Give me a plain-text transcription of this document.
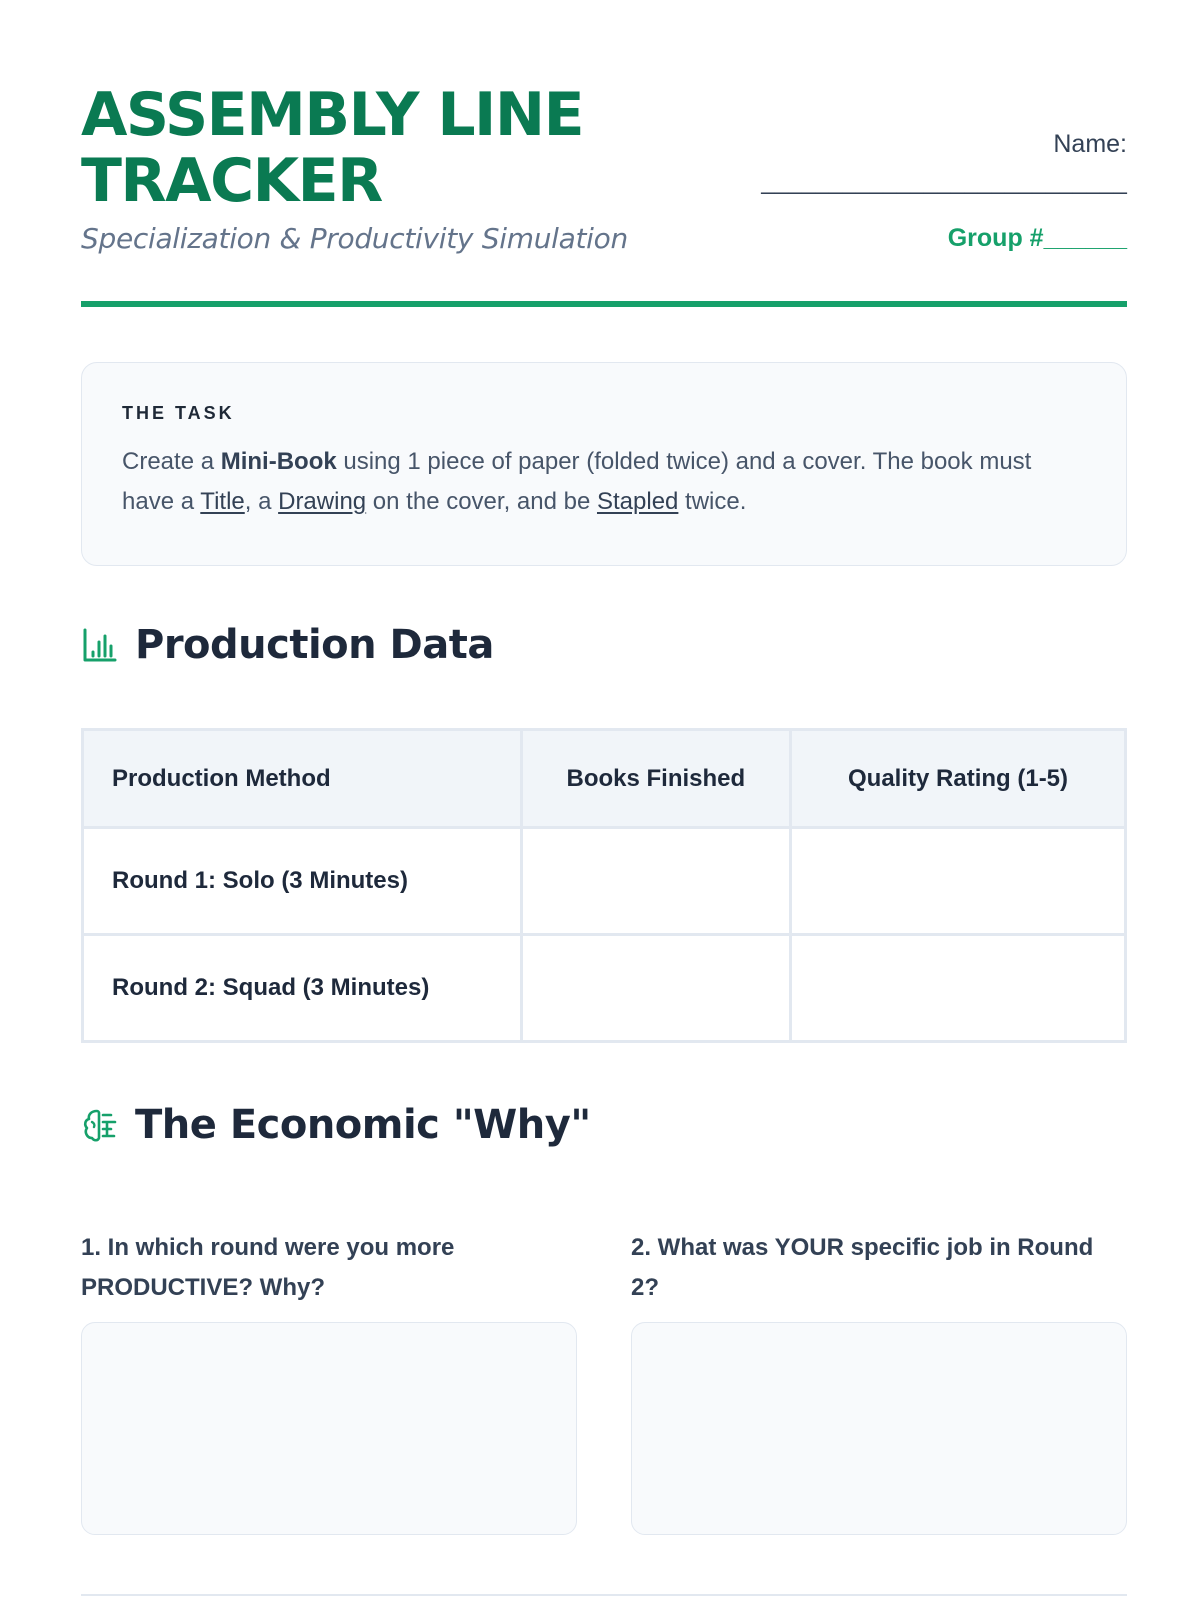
ASSEMBLY LINE
TRACKER
Specialization & Productivity Simulation
Name:
___________________________
Group #______
THE TASK

Create a Mini-Book using 1 piece of paper (folded twice) and a cover. The book must have a Title, a Drawing on the cover, and be Stapled twice.

Production Data
Production Method	Books Finished	Quality Rating (1-5)
Round 1: Solo (3 Minutes)		
Round 2: Squad (3 Minutes)		
The Economic "Why"
1. In which round were you more PRODUCTIVE? Why?
2. What was YOUR specific job in Round 2?
